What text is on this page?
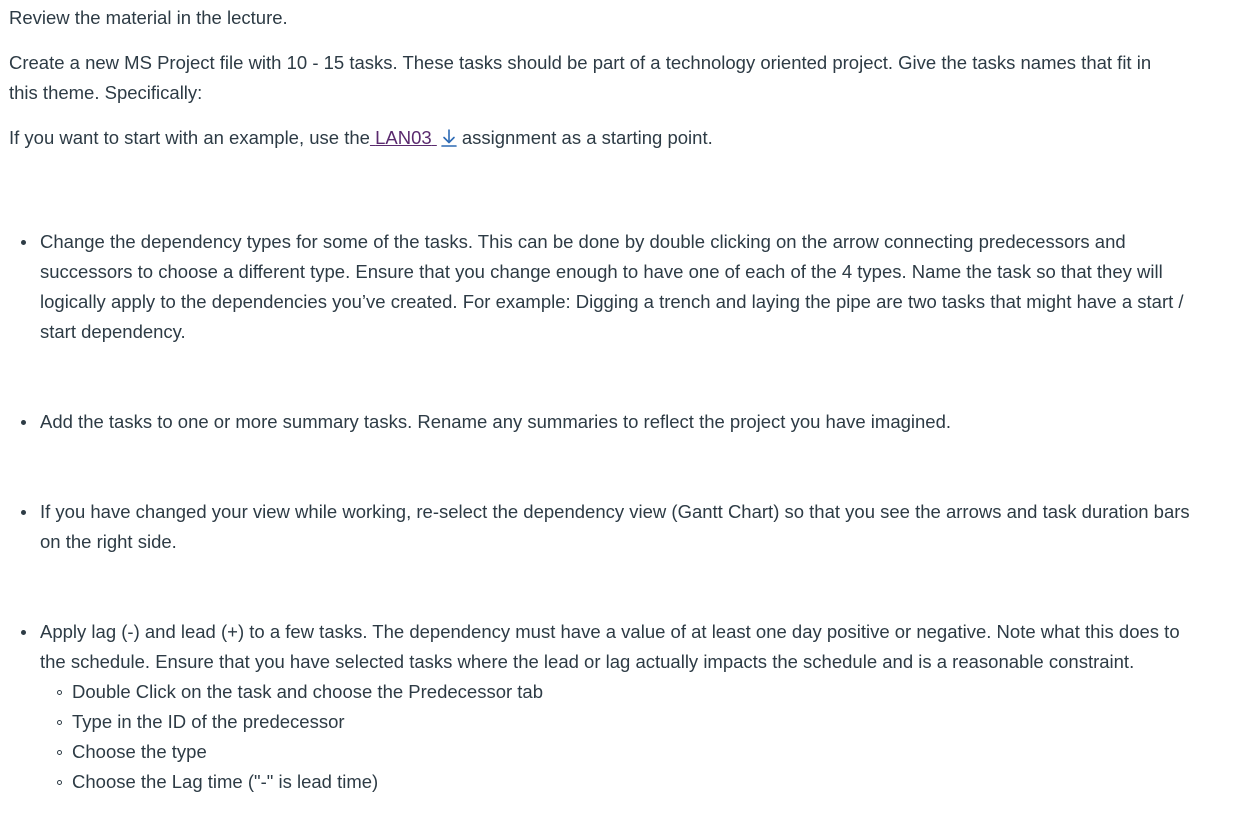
Review the material in the lecture.

Create a new MS Project file with 10 - 15 tasks. These tasks should be part of a technology oriented project. Give the tasks names that fit in this theme. Specifically:

If you want to start with an example, use the LAN03 assignment as a starting point.

Change the dependency types for some of the tasks. This can be done by double clicking on the arrow connecting predecessors and successors to choose a different type. Ensure that you change enough to have one of each of the 4 types. Name the task so that they will logically apply to the dependencies you’ve created. For example: Digging a trench and laying the pipe are two tasks that might have a start / start dependency.
Add the tasks to one or more summary tasks. Rename any summaries to reflect the project you have imagined.
If you have changed your view while working, re-select the dependency view (Gantt Chart) so that you see the arrows and task duration bars on the right side.
Apply lag (-) and lead (+) to a few tasks. The dependency must have a value of at least one day positive or negative. Note what this does to the schedule. Ensure that you have selected tasks where the lead or lag actually impacts the schedule and is a reasonable constraint.
Double Click on the task and choose the Predecessor tab
Type in the ID of the predecessor
Choose the type
Choose the Lag time ("-" is lead time)
